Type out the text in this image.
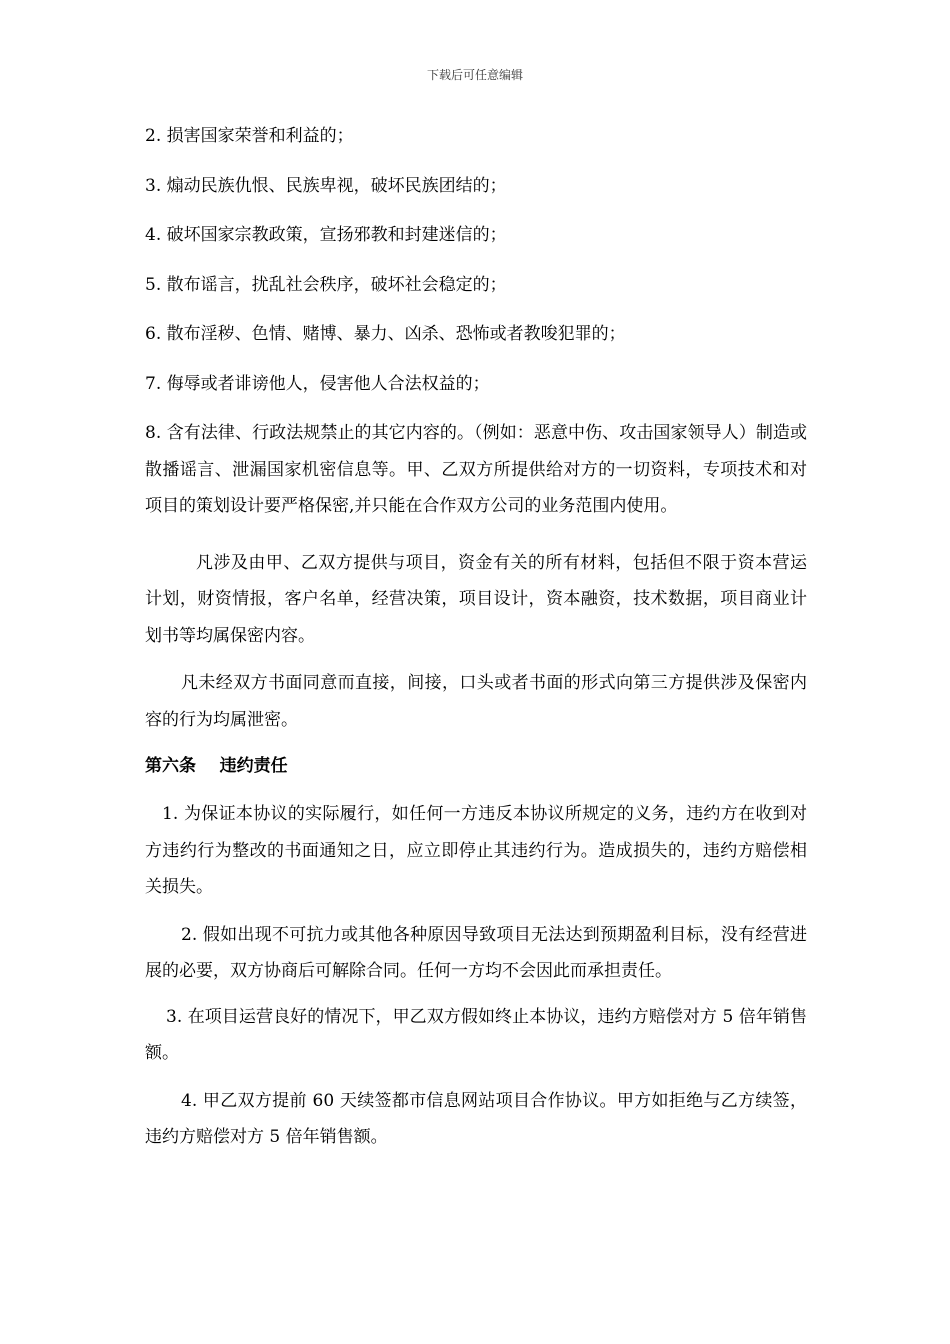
下载后可任意编辑

2. 损害国家荣誉和利益的；

3. 煽动民族仇恨、民族卑视，破坏民族团结的；

4. 破坏国家宗教政策，宣扬邪教和封建迷信的；

5. 散布谣言，扰乱社会秩序，破坏社会稳定的；

6. 散布淫秽、色情、赌博、暴力、凶杀、恐怖或者教唆犯罪的；

7. 侮辱或者诽谤他人，侵害他人合法权益的；

8. 含有法律、行政法规禁止的其它内容的。（例如：恶意中伤、攻击国家领导人）制造或散播谣言、泄漏国家机密信息等。甲、乙双方所提供给对方的一切资料，专项技术和对项目的策划设计要严格保密,并只能在合作双方公司的业务范围内使用。

凡涉及由甲、乙双方提供与项目，资金有关的所有材料，包括但不限于资本营运计划，财资情报，客户名单，经营决策，项目设计，资本融资，技术数据，项目商业计划书等均属保密内容。

凡未经双方书面同意而直接，间接，口头或者书面的形式向第三方提供涉及保密内容的行为均属泄密。

第六条    违约责任

1. 为保证本协议的实际履行，如任何一方违反本协议所规定的义务，违约方在收到对方违约行为整改的书面通知之日，应立即停止其违约行为。造成损失的，违约方赔偿相关损失。

2. 假如出现不可抗力或其他各种原因导致项目无法达到预期盈利目标，没有经营进展的必要，双方协商后可解除合同。任何一方均不会因此而承担责任。

3. 在项目运营良好的情况下，甲乙双方假如终止本协议，违约方赔偿对方 5 倍年销售额。

4. 甲乙双方提前 60 天续签都市信息网站项目合作协议。甲方如拒绝与乙方续签，违约方赔偿对方 5 倍年销售额。
